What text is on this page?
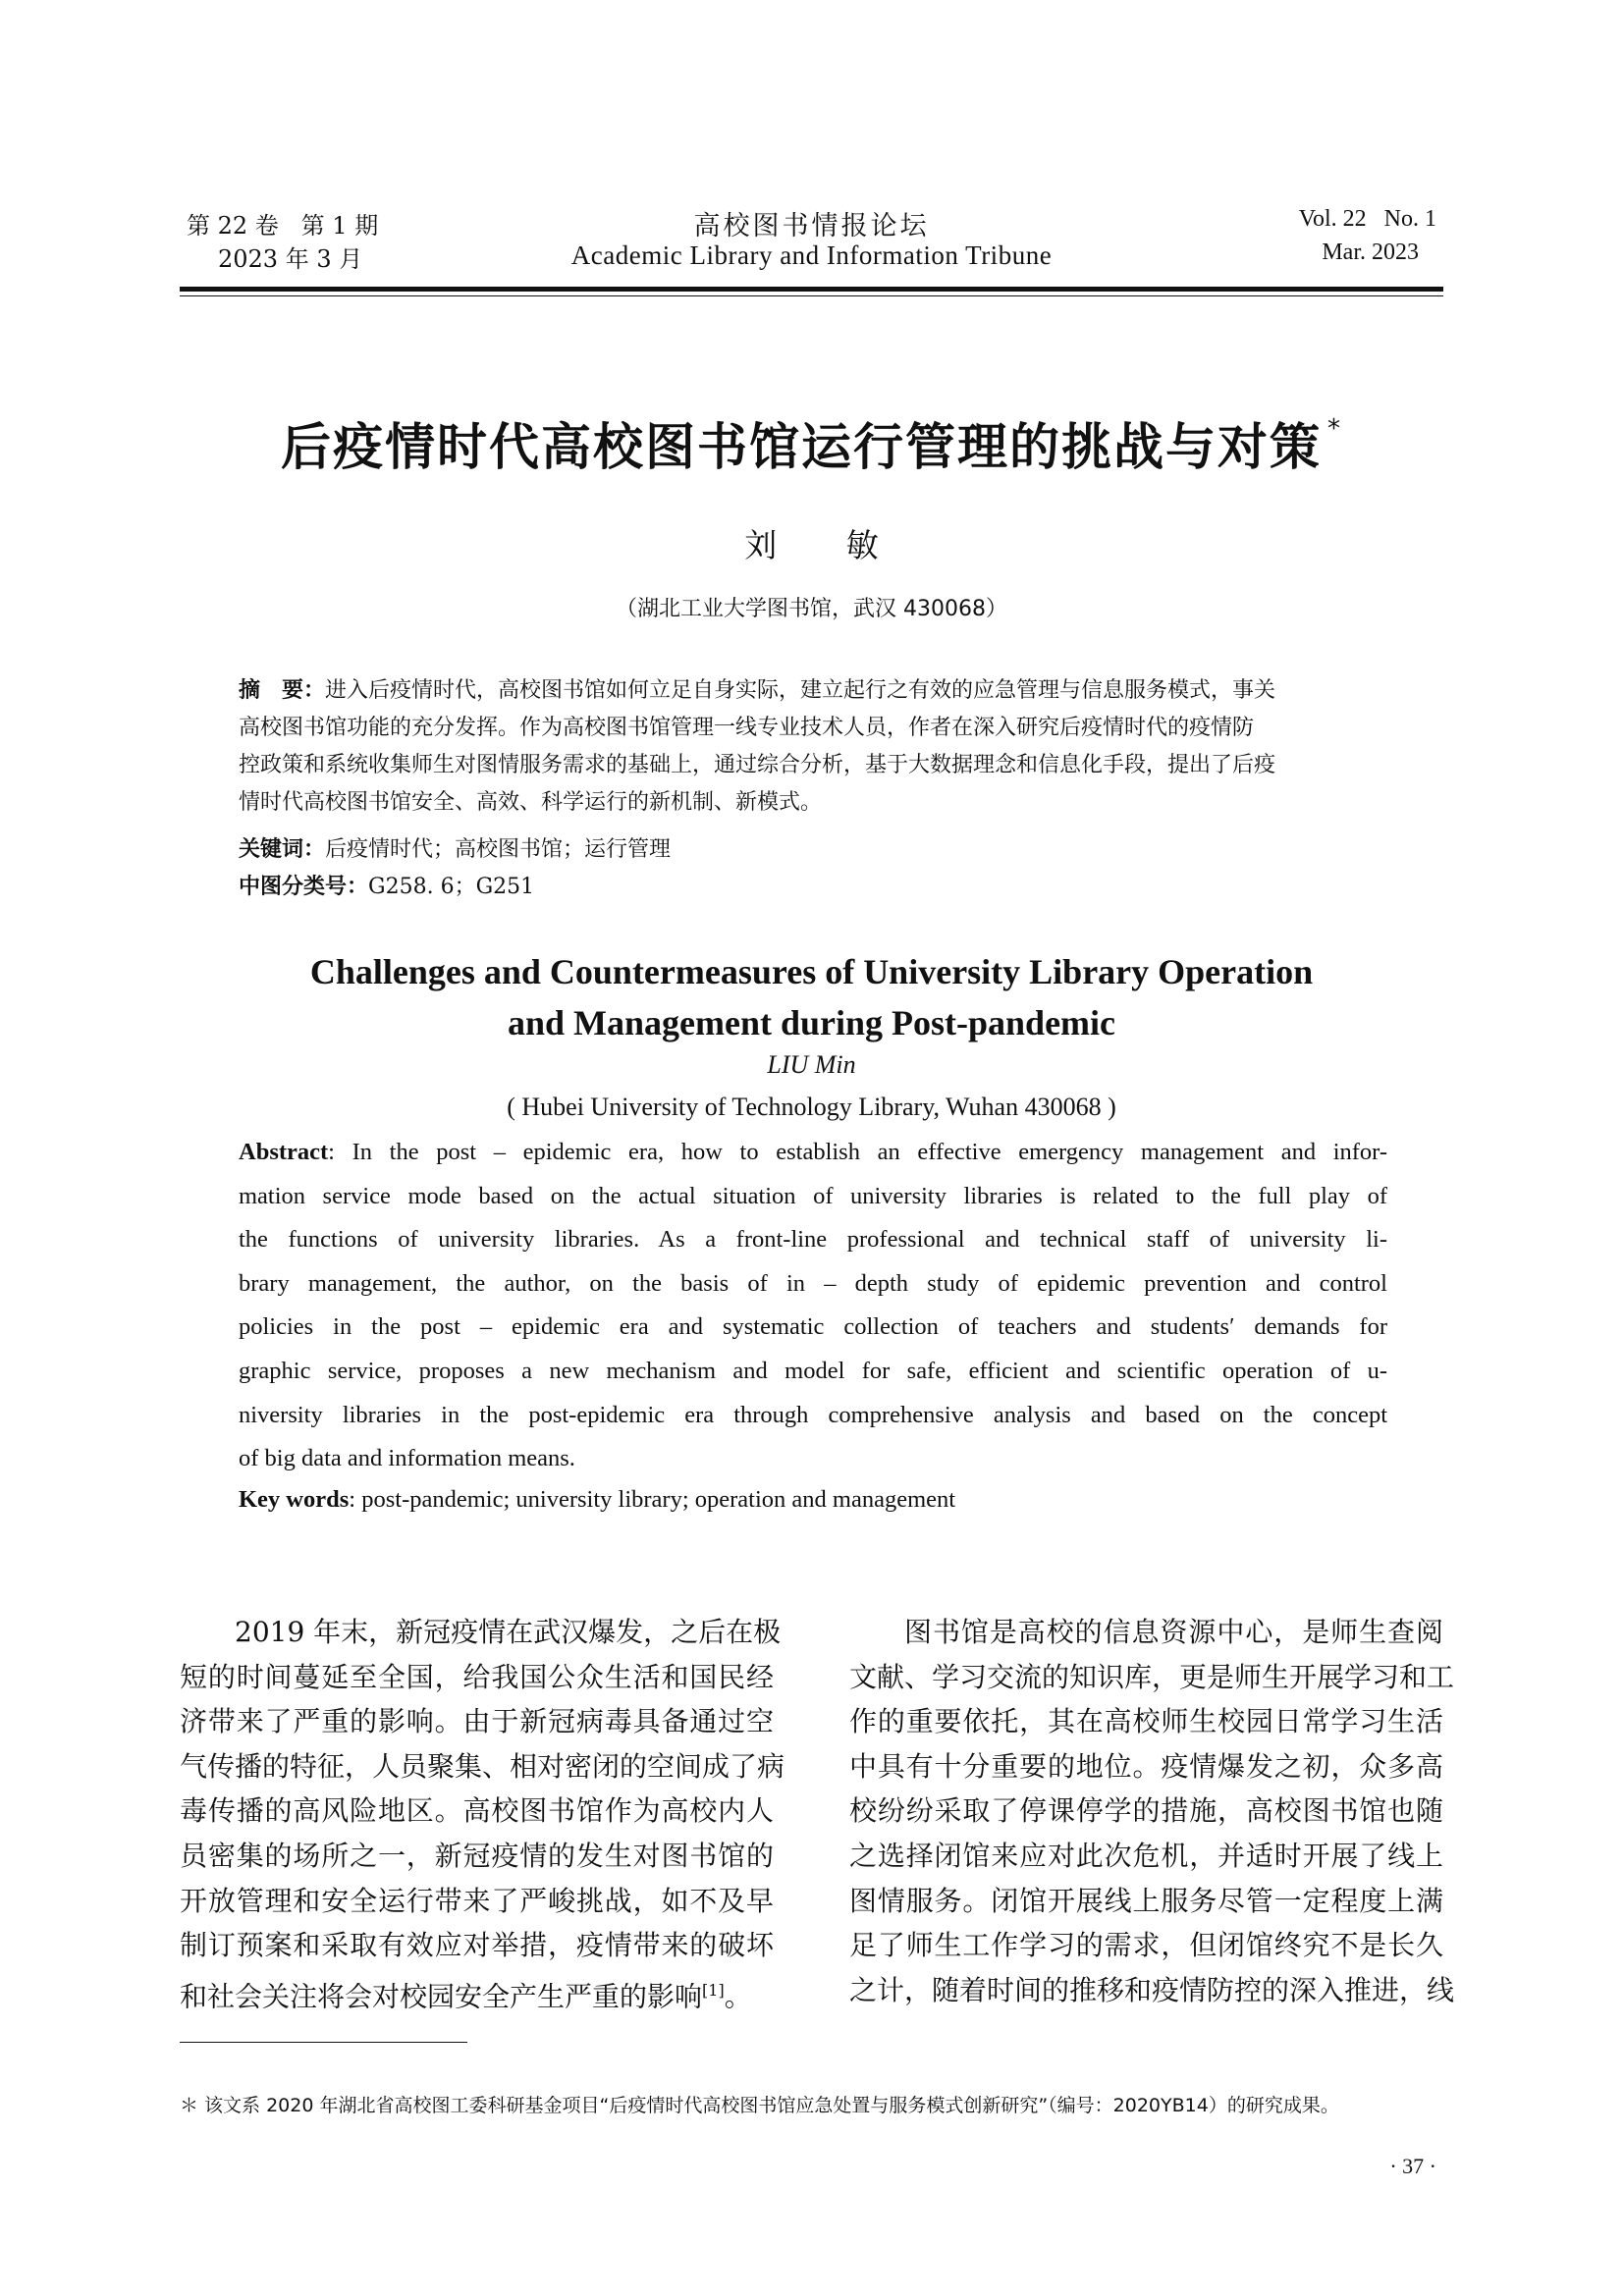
第 22 卷   第 1 期
2023 年 3 月
高校图书情报论坛
Academic Library and Information Tribune
Vol. 22   No. 1
Mar. 2023
后疫情时代高校图书馆运行管理的挑战与对策 *
刘 敏
（湖北工业大学图书馆，武汉 430068）
摘　要：进入后疫情时代，高校图书馆如何立足自身实际，建立起行之有效的应急管理与信息服务模式，事关
高校图书馆功能的充分发挥。作为高校图书馆管理一线专业技术人员，作者在深入研究后疫情时代的疫情防
控政策和系统收集师生对图情服务需求的基础上，通过综合分析，基于大数据理念和信息化手段，提出了后疫
情时代高校图书馆安全、高效、科学运行的新机制、新模式。
关键词：后疫情时代；高校图书馆；运行管理
中图分类号：G258. 6；G251
Challenges and Countermeasures of University Library Operation
and Management during Post-pandemic
LIU Min
( Hubei University of Technology Library, Wuhan 430068 )
Abstract: In the post – epidemic era, how to establish an effective emergency management and infor-
mation service mode based on the actual situation of university libraries is related to the full play of
the functions of university libraries. As a front-line professional and technical staff of university li-
brary management, the author, on the basis of in – depth study of epidemic prevention and control
policies in the post – epidemic era and systematic collection of teachers and students′ demands for
graphic service, proposes a new mechanism and model for safe, efficient and scientific operation of u-
niversity libraries in the post-epidemic era through comprehensive analysis and based on the concept
of big data and information means.
Key words: post-pandemic; university library; operation and management
2019 年末，新冠疫情在武汉爆发，之后在极
短的时间蔓延至全国，给我国公众生活和国民经
济带来了严重的影响。由于新冠病毒具备通过空
气传播的特征，人员聚集、相对密闭的空间成了病
毒传播的高风险地区。高校图书馆作为高校内人
员密集的场所之一，新冠疫情的发生对图书馆的
开放管理和安全运行带来了严峻挑战，如不及早
制订预案和采取有效应对举措，疫情带来的破坏
和社会关注将会对校园安全产生严重的影响[1]。
图书馆是高校的信息资源中心，是师生查阅
文献、学习交流的知识库，更是师生开展学习和工
作的重要依托，其在高校师生校园日常学习生活
中具有十分重要的地位。疫情爆发之初，众多高
校纷纷采取了停课停学的措施，高校图书馆也随
之选择闭馆来应对此次危机，并适时开展了线上
图情服务。闭馆开展线上服务尽管一定程度上满
足了师生工作学习的需求，但闭馆终究不是长久
之计，随着时间的推移和疫情防控的深入推进，线
＊ 该文系 2020 年湖北省高校图工委科研基金项目“后疫情时代高校图书馆应急处置与服务模式创新研究”（编号：2020YB14）的研究成果。
· 37 ·
